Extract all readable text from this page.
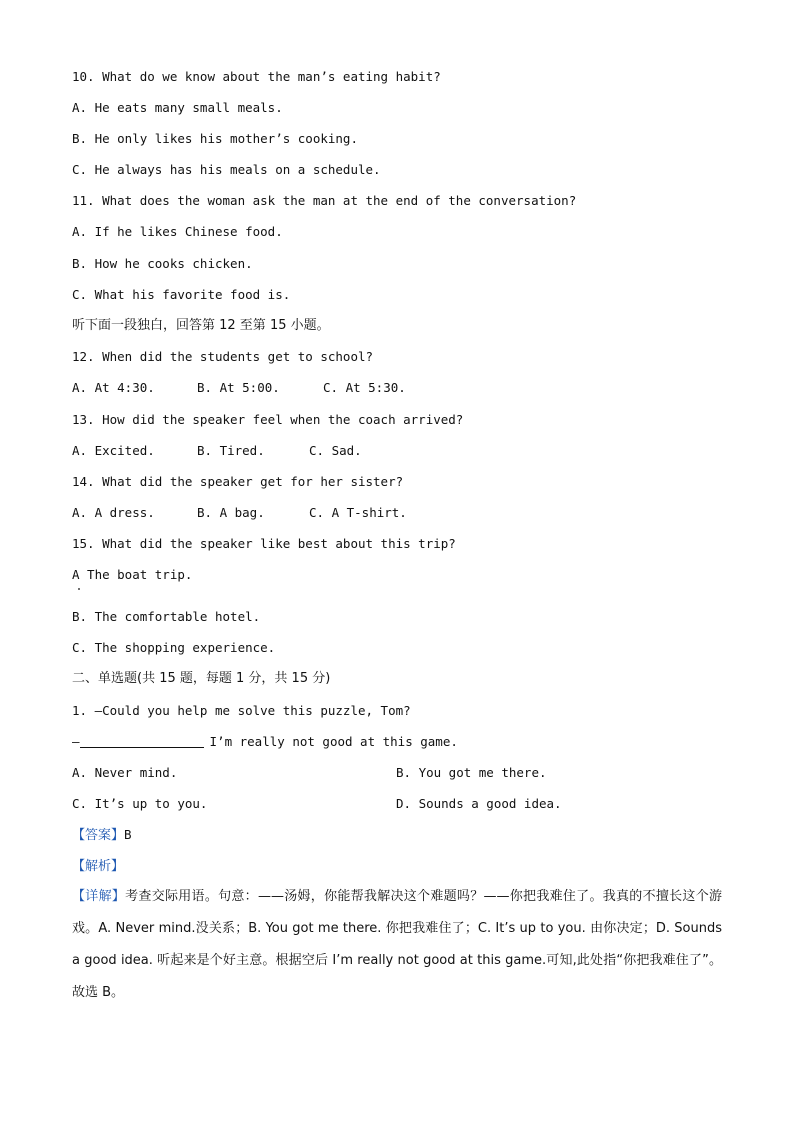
10. What do we know about the man’s eating habit?
A. He eats many small meals.
B. He only likes his mother’s cooking.
C. He always has his meals on a schedule.
11. What does the woman ask the man at the end of the conversation?
A. If he likes Chinese food.
B. How he cooks chicken.
C. What his favorite food is.
听下面一段独白，回答第 12 至第 15 小题。
12. When did the students get to school?
A. At 4:30.	B. At 5:00.	C. At 5:30.
13. How did the speaker feel when the coach arrived?
A. Excited.	B. Tired.	C. Sad.
14. What did the speaker get for her sister?
A. A dress.	B. A bag.	C. A T-shirt.
15. What did the speaker like best about this trip?
A The boat trip.
B. The comfortable hotel.
C. The shopping experience.
二、单选题(共 15 题，每题 1 分，共 15 分)
1. —Could you help me solve this puzzle, Tom?
—	I’m really not good at this game.
A. Never mind.	B. You got me there.
C. It’s up to you.	D. Sounds a good idea.
【答案】B
【解析】
【详解】考查交际用语。句意：——汤姆，你能帮我解决这个难题吗？——你把我难住了。我真的不擅长这个游戏。A. Never mind.没关系；B. You got me there. 你把我难住了；C. It’s up to you. 由你决定；D. Sounds a good idea. 听起来是个好主意。根据空后 I’m really not good at this game.可知,此处指“你把我难住了”。故选 B。
